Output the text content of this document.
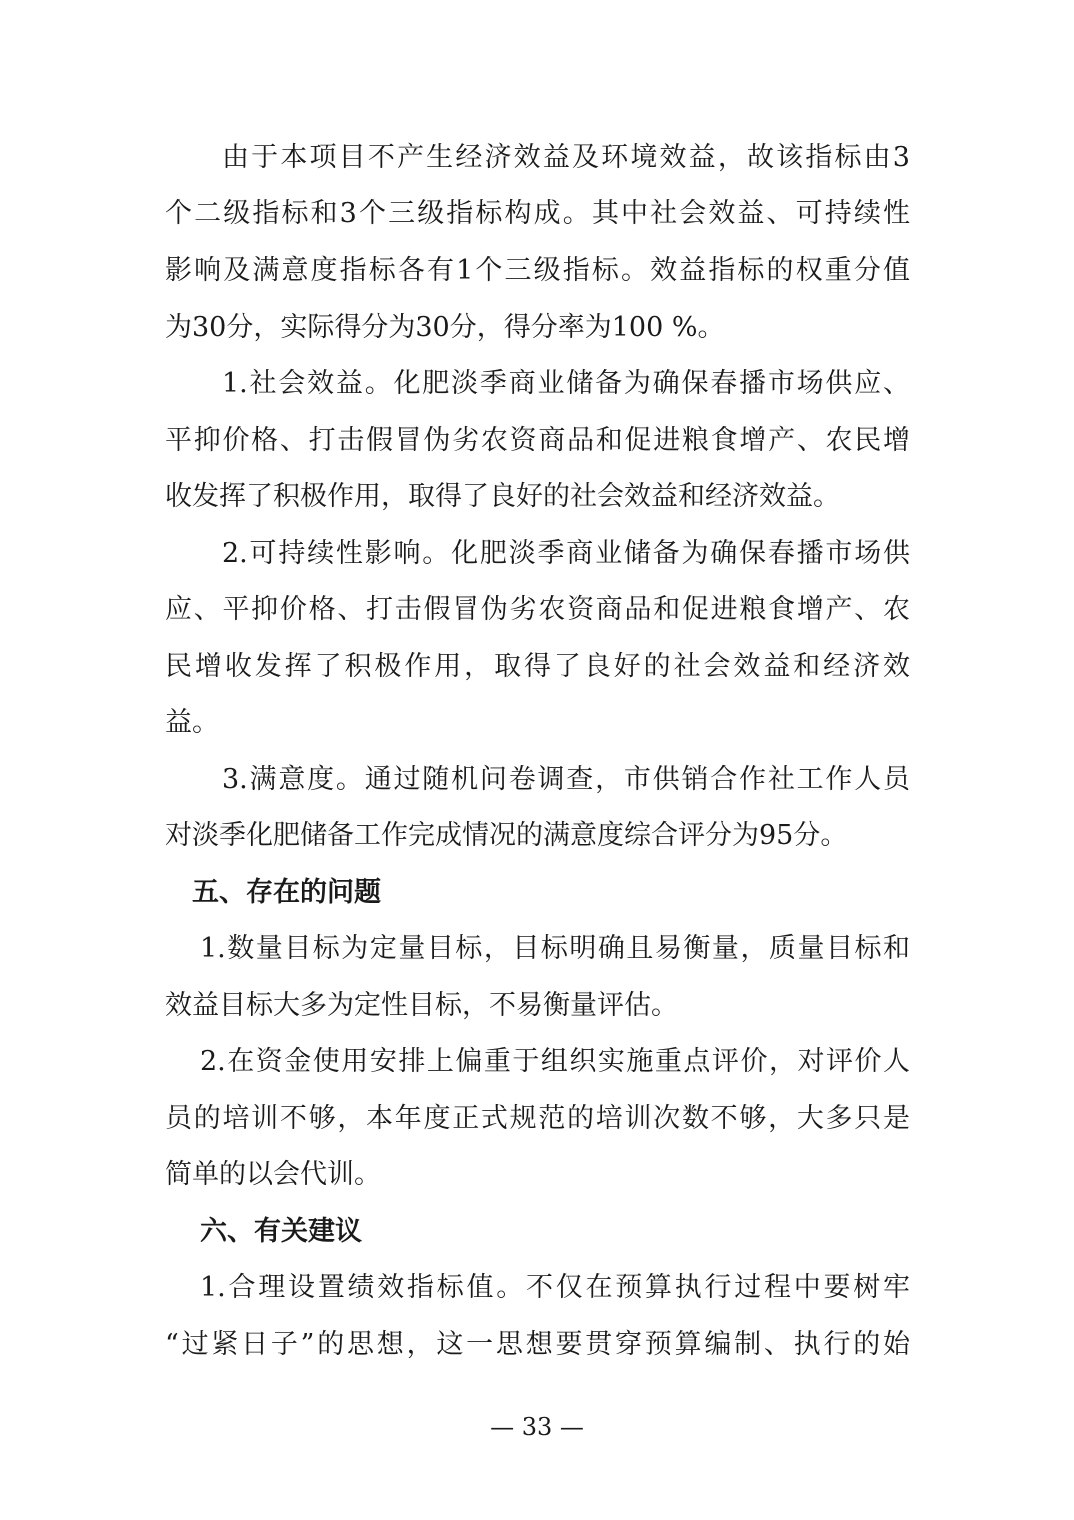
由于本项目不产生经济效益及环境效益，故该指标由3
个二级指标和3个三级指标构成。其中社会效益、可持续性
影响及满意度指标各有1个三级指标。效益指标的权重分值
为30分，实际得分为30分，得分率为100 %。
1.社会效益。化肥淡季商业储备为确保春播市场供应、
平抑价格、打击假冒伪劣农资商品和促进粮食增产、农民增
收发挥了积极作用，取得了良好的社会效益和经济效益。
2.可持续性影响。化肥淡季商业储备为确保春播市场供
应、平抑价格、打击假冒伪劣农资商品和促进粮食增产、农
民增收发挥了积极作用，取得了良好的社会效益和经济效
益。
3.满意度。通过随机问卷调查，市供销合作社工作人员
对淡季化肥储备工作完成情况的满意度综合评分为95分。
五、存在的问题
1.数量目标为定量目标，目标明确且易衡量，质量目标和
效益目标大多为定性目标，不易衡量评估。
2.在资金使用安排上偏重于组织实施重点评价，对评价人
员的培训不够，本年度正式规范的培训次数不够，大多只是
简单的以会代训。
六、有关建议
1.合理设置绩效指标值。不仅在预算执行过程中要树牢
“过紧日子”的思想，这一思想要贯穿预算编制、执行的始
— 33 —
